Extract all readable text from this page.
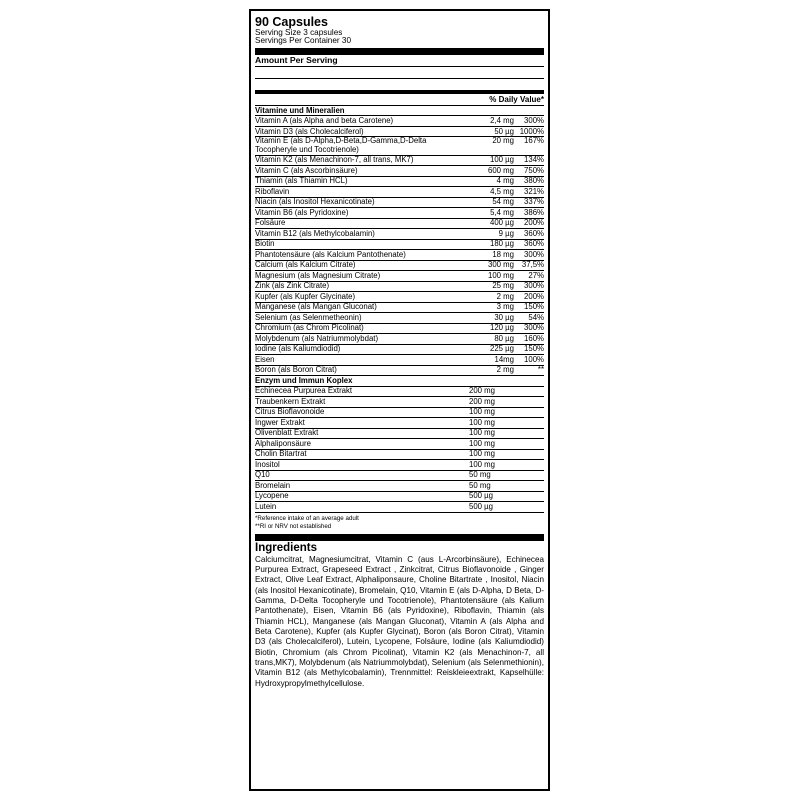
90 Capsules
Serving Size 3 capsules
Servings Per Container 30
Amount Per Serving
% Daily Value*
Vitamine und Mineralien
Vitamin A (als Alpha and beta Carotene)	2,4 mg	300%
Vitamin D3 (als Cholecalciferol)	50 µg 1000%
Vitamin E (als D-Alpha,D-Beta,D-Gamma,D-Delta Tocopheryle und Tocotrienole)
20 mg	167%
Vitamin K2 (als Menachinon-7, all trans, MK7)	100 µg	134%
Vitamin C (als Ascorbinsäure)	600 mg	750%
Thiamin (als Thiamin HCL)	4 mg	380%
Riboflavin	4,5 mg	321%
Niacin (als Inositol Hexanicotinate)	54 mg	337%
Vitamin B6 (als Pyridoxine)	5,4 mg	386%
Folsäure	400 µg	200%
Vitamin B12 (als Methylcobalamin)	9 µg	360%
Biotin	180 µg	360%
Phantotensäure (als Kalcium Pantothenate)	18 mg	300%
Calcium (als Kalcium Citrate)	300 mg	37,5%
Magnesium (als Magnesium Citrate)	100 mg	27%
Zink (als Zink Citrate)	25 mg	300%
Kupfer (als Kupfer Glycinate)	2 mg	200%
Manganese (als Mangan Gluconat)	3 mg	150%
Selenium (as Selenmetheonin)	30 µg	54%
Chromium (as Chrom Picolinat)	120 µg	300%
Molybdenum (als Natriummolybdat)	80 µg	160%
Iodine (als Kaliumdiodid)	225 µg	150%
Eisen	14mg	100%
Boron (als Boron Citrat)	2 mg	**
Enzym und Immun Koplex
Echinecea Purpurea Extrakt	200 mg
Traubenkern Extrakt	200 mg
Citrus Bioflavonoide	100 mg
Ingwer Extrakt	100 mg
Olivenblatt Extrakt	100 mg
Alphaliponsäure	100 mg
Cholin Bitartrat	100 mg
Inositol	100 mg
Q10	50 mg
Bromelain	50 mg
Lycopene	500 µg
Lutein	500 µg
*Reference intake of an average adult
**RI or NRV not established
Ingredients
Calciumcitrat, Magnesiumcitrat, Vitamin C (aus L-Arcorbinsäure), Echinecea Purpurea Extract, Grapeseed Extract , Zinkcitrat, Citrus Bioflavonoide , Ginger Extract, Olive Leaf Extract, Alphaliponsaure, Choline Bitartrate , Inositol, Niacin (als Inositol Hexanicotinate), Bromelain, Q10, Vitamin E (als D-Alpha, D Beta, D-Gamma, D-Delta Tocopheryle und Tocotrienole), Phantotensäure (als Kalium Pantothenate), Eisen, Vitamin B6 (als Pyridoxine), Riboflavin, Thiamin (als Thiamin HCL), Manganese (als Mangan Gluconat), Vitamin A (als Alpha and Beta Carotene), Kupfer (als Kupfer Glycinat), Boron (als Boron Citrat), Vitamin D3 (als Cholecalciferol), Lutein, Lycopene, Folsäure, Iodine (als Kaliumdiodid) Biotin, Chromium (als Chrom Picolinat), Vitamin K2 (als Menachinon-7, all trans,MK7), Molybdenum (als Natriummolybdat), Selenium (als Selenmethionin), Vitamin B12 (als Methylcobalamin), Trennmittel: Reiskleieextrakt, Kapselhülle: Hydroxypropylmethylcellulose.
